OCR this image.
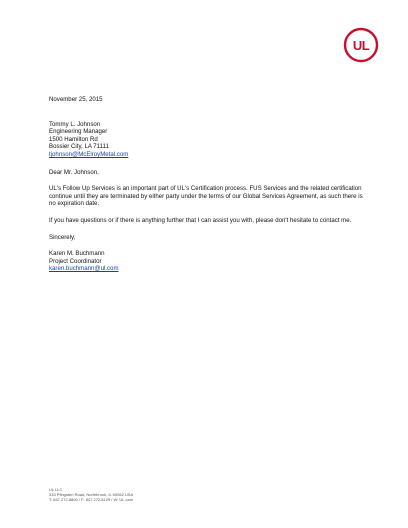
UL

November 25, 2015

Tommy L. Johnson

Engineering Manager

1500 Hamilton Rd

Bossier City, LA 71111

tjohnson@McElroyMetal.com

Dear Mr. Johnson,

UL's Follow Up Services is an important part of UL's Certification process. FUS Services and the related certification continue until they are terminated by either party under the terms of our Global Services Agreement, as such there is no expiration date.

If you have questions or if there is anything further that I can assist you with, please don't hesitate to contact me.

Sincerely,

Karen M. Buchmann

Project Coordinator

karen.buchmann@ul.com

UL LLC

333 Pfingsten Road, Northbrook, IL 60062 USA

T: 847.272.8800 / F: 847.272.8129 / W: UL.com
